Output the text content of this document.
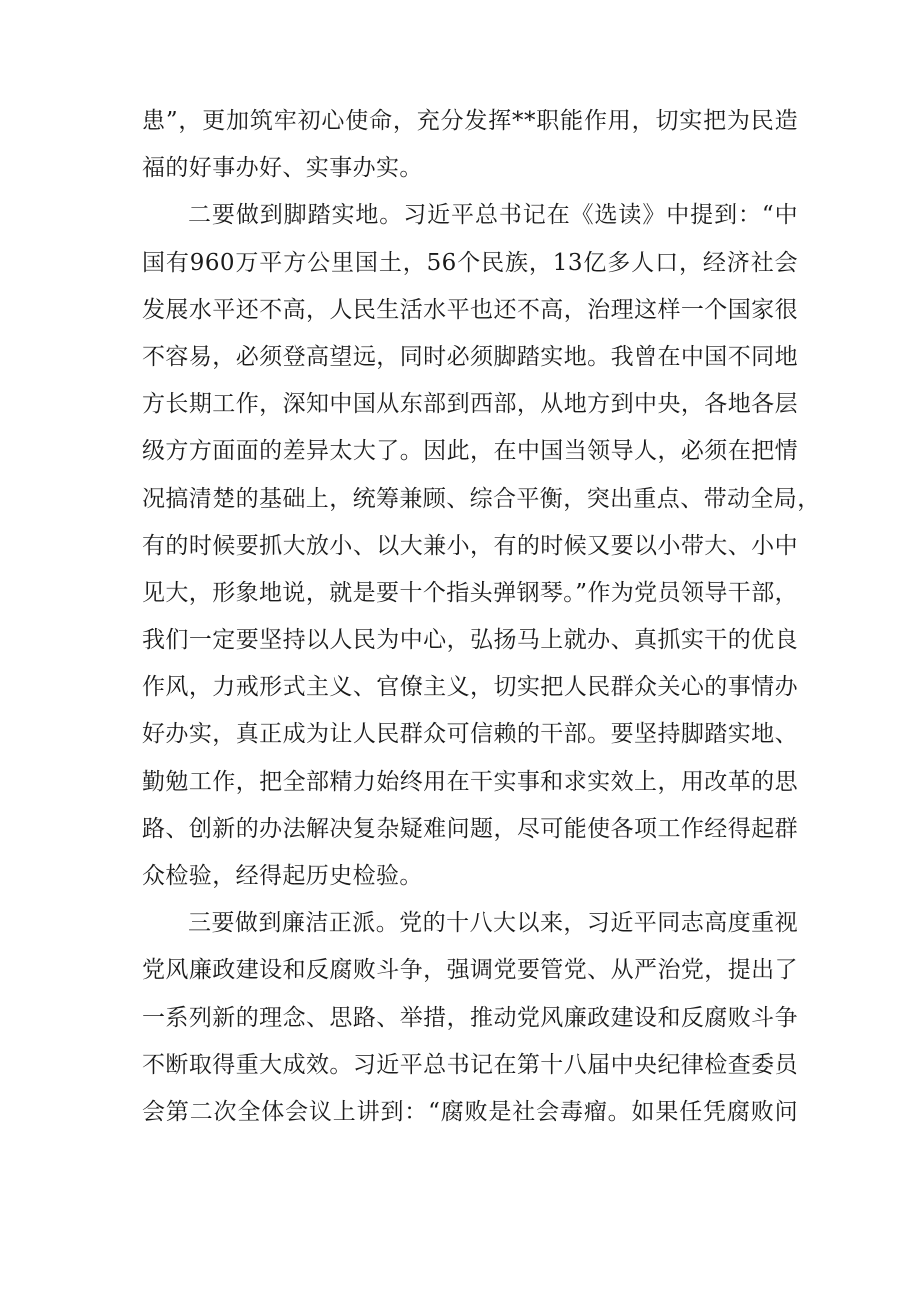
患”，更加筑牢初心使命，充分发挥**职能作用，切实把为民造
福的好事办好、实事办实。
二要做到脚踏实地。习近平总书记在《选读》中提到：“中
国有960万平方公里国土，56个民族，13亿多人口，经济社会
发展水平还不高，人民生活水平也还不高，治理这样一个国家很
不容易，必须登高望远，同时必须脚踏实地。我曾在中国不同地
方长期工作，深知中国从东部到西部，从地方到中央，各地各层
级方方面面的差异太大了。因此，在中国当领导人，必须在把情
况搞清楚的基础上，统筹兼顾、综合平衡，突出重点、带动全局，
有的时候要抓大放小、以大兼小，有的时候又要以小带大、小中
见大，形象地说，就是要十个指头弹钢琴。”作为党员领导干部，
我们一定要坚持以人民为中心，弘扬马上就办、真抓实干的优良
作风，力戒形式主义、官僚主义，切实把人民群众关心的事情办
好办实，真正成为让人民群众可信赖的干部。要坚持脚踏实地、
勤勉工作，把全部精力始终用在干实事和求实效上，用改革的思
路、创新的办法解决复杂疑难问题，尽可能使各项工作经得起群
众检验，经得起历史检验。
三要做到廉洁正派。党的十八大以来，习近平同志高度重视
党风廉政建设和反腐败斗争，强调党要管党、从严治党，提出了
一系列新的理念、思路、举措，推动党风廉政建设和反腐败斗争
不断取得重大成效。习近平总书记在第十八届中央纪律检查委员
会第二次全体会议上讲到：“腐败是社会毒瘤。如果任凭腐败问
